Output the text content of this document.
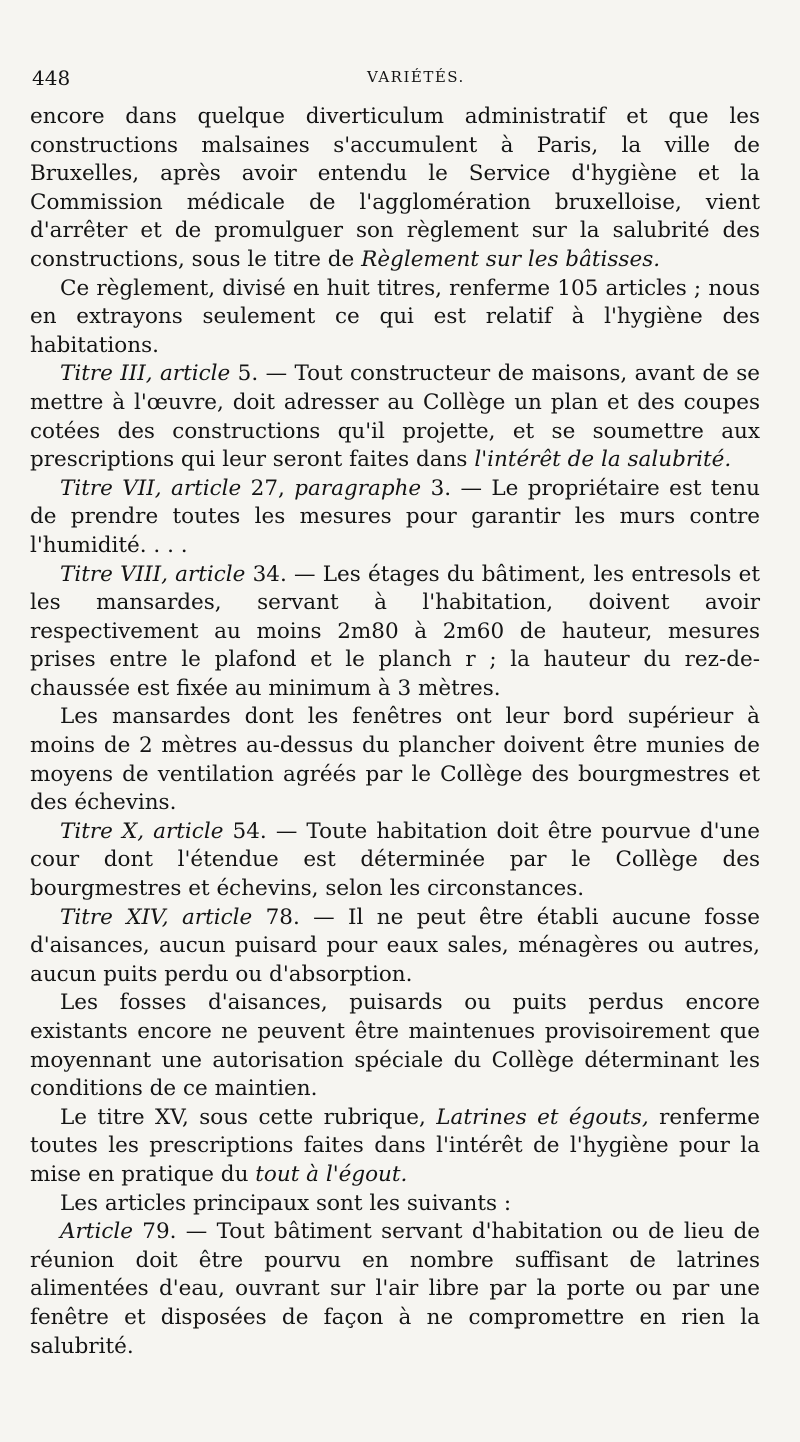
448	VARIÉTÉS.

encore dans quelque diverticulum administratif et que les constructions malsaines s'accumulent à Paris, la ville de Bruxelles, après avoir entendu le Service d'hygiène et la Commission médicale de l'agglomération bruxelloise, vient d'arrêter et de promulguer son règlement sur la salubrité des constructions, sous le titre de Règlement sur les bâtisses.

Ce règlement, divisé en huit titres, renferme 105 articles ; nous en extrayons seulement ce qui est relatif à l'hygiène des habitations.

Titre III, article 5. — Tout constructeur de maisons, avant de se mettre à l'œuvre, doit adresser au Collège un plan et des coupes cotées des constructions qu'il projette, et se soumettre aux prescriptions qui leur seront faites dans l'intérêt de la salubrité.

Titre VII, article 27, paragraphe 3. — Le propriétaire est tenu de prendre toutes les mesures pour garantir les murs contre l'humidité. . . .

Titre VIII, article 34. — Les étages du bâtiment, les entresols et les mansardes, servant à l'habitation, doivent avoir respectivement au moins 2m80 à 2m60 de hauteur, mesures prises entre le plafond et le planch r ; la hauteur du rez-de-chaussée est fixée au minimum à 3 mètres.

Les mansardes dont les fenêtres ont leur bord supérieur à moins de 2 mètres au-dessus du plancher doivent être munies de moyens de ventilation agréés par le Collège des bourgmestres et des échevins.

Titre X, article 54. — Toute habitation doit être pourvue d'une cour dont l'étendue est déterminée par le Collège des bourgmestres et échevins, selon les circonstances.

Titre XIV, article 78. — Il ne peut être établi aucune fosse d'aisances, aucun puisard pour eaux sales, ménagères ou autres, aucun puits perdu ou d'absorption.

Les fosses d'aisances, puisards ou puits perdus encore existants encore ne peuvent être maintenues provisoirement que moyennant une autorisation spéciale du Collège déterminant les conditions de ce maintien.

Le titre XV, sous cette rubrique, Latrines et égouts, renferme toutes les prescriptions faites dans l'intérêt de l'hygiène pour la mise en pratique du tout à l'égout.

Les articles principaux sont les suivants :

Article 79. — Tout bâtiment servant d'habitation ou de lieu de réunion doit être pourvu en nombre suffisant de latrines alimentées d'eau, ouvrant sur l'air libre par la porte ou par une fenêtre et disposées de façon à ne compromettre en rien la salubrité.
